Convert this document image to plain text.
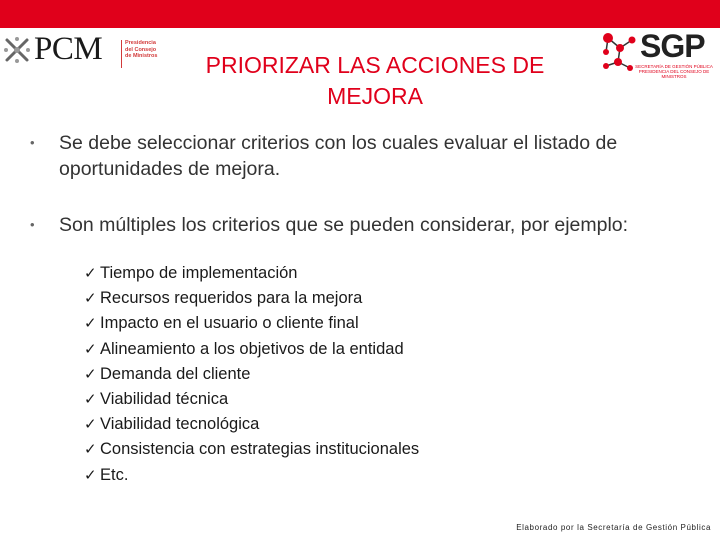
PCM	Presidencia
del Consejo
de Ministros	PRIORIZAR LAS ACCIONES DE
MEJORA
SGP
SECRETARÍA DE GESTIÓN PÚBLICA
PRESIDENCIA DEL CONSEJO DE MINISTROS
• Se debe seleccionar criterios con los cuales evaluar el listado de oportunidades de mejora.
• Son múltiples los criterios que se pueden considerar, por ejemplo:
✓ Tiempo de implementación
✓ Recursos requeridos para la mejora
✓ Impacto en el usuario o cliente final
✓ Alineamiento a los objetivos de la entidad
✓ Demanda del cliente
✓ Viabilidad técnica
✓ Viabilidad tecnológica
✓ Consistencia con estrategias institucionales
✓ Etc.
Elaborado por la Secretaría de Gestión Pública
